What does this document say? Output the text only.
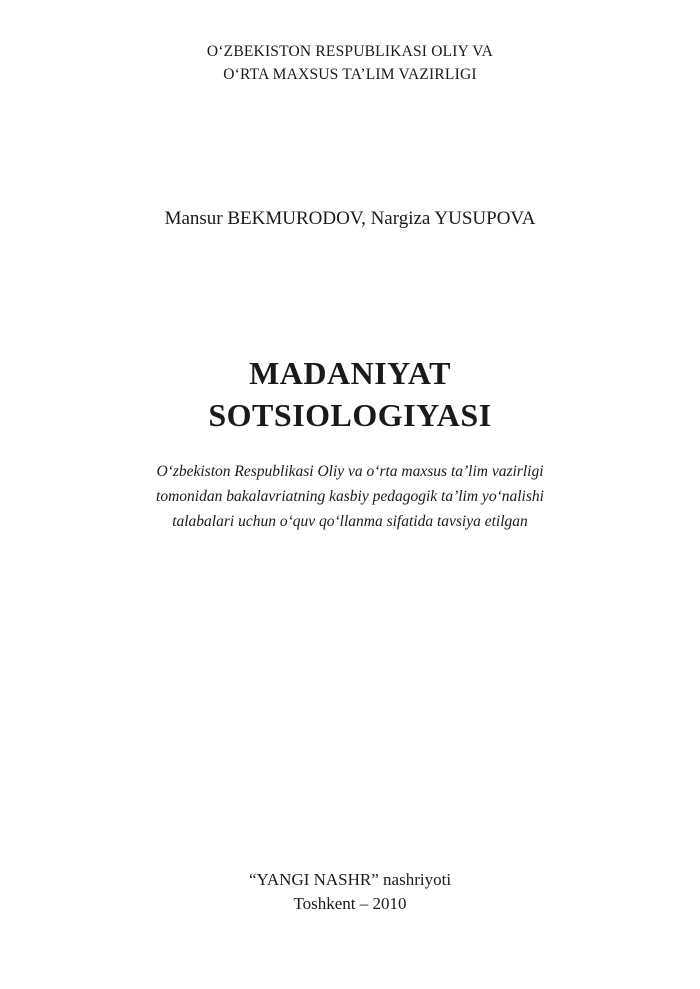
O‘ZBEKISTON RESPUBLIKASI OLIY VA
O‘RTA MAXSUS TA’LIM VAZIRLIGI
Mansur BEKMURODOV, Nargiza YUSUPOVA
MADANIYAT
SOTSIOLOGIYASI
O‘zbekiston Respublikasi Oliy va o‘rta maxsus ta’lim vazirligi
tomonidan bakalavriatning kasbiy pedagogik ta’lim yo‘nalishi
talabalari uchun o‘quv qo‘llanma sifatida tavsiya etilgan
“YANGI NASHR” nashriyoti
Toshkent – 2010
